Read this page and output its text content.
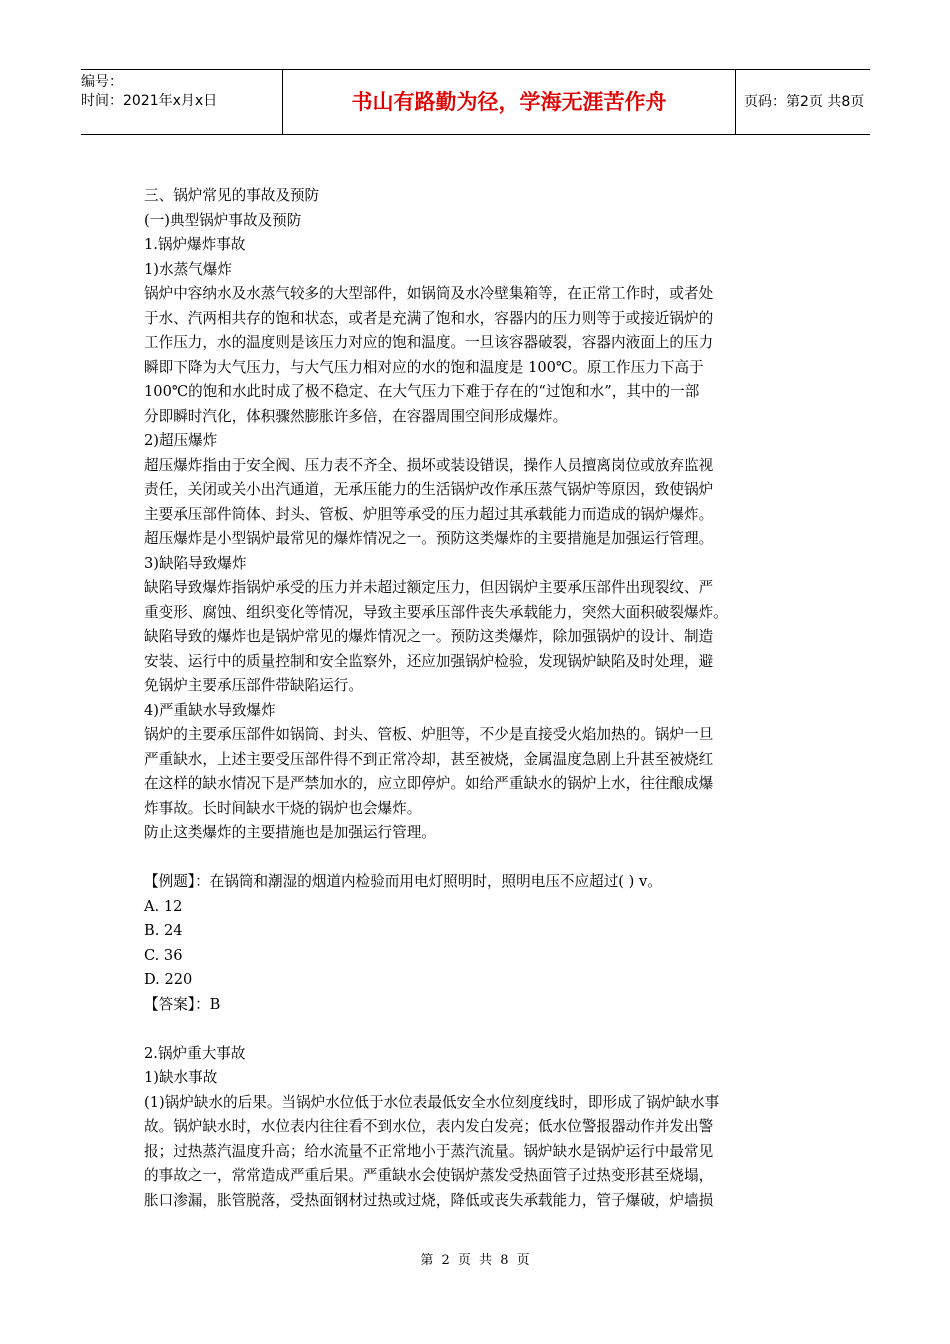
编号：
时间：2021年x月x日	书山有路勤为径，学海无涯苦作舟	页码：第2页 共8页

三、锅炉常见的事故及预防

(一)典型锅炉事故及预防

1.锅炉爆炸事故

1)水蒸气爆炸

锅炉中容纳水及水蒸气较多的大型部件，如锅筒及水冷壁集箱等，在正常工作时，或者处

于水、汽两相共存的饱和状态，或者是充满了饱和水，容器内的压力则等于或接近锅炉的

工作压力，水的温度则是该压力对应的饱和温度。一旦该容器破裂，容器内液面上的压力

瞬即下降为大气压力，与大气压力相对应的水的饱和温度是 100℃。原工作压力下高于

100℃的饱和水此时成了极不稳定、在大气压力下难于存在的“过饱和水”，其中的一部

分即瞬时汽化，体积骤然膨胀许多倍，在容器周围空间形成爆炸。

2)超压爆炸

超压爆炸指由于安全阀、压力表不齐全、损坏或装设错误，操作人员擅离岗位或放弃监视

责任，关闭或关小出汽通道，无承压能力的生活锅炉改作承压蒸气锅炉等原因，致使锅炉

主要承压部件筒体、封头、管板、炉胆等承受的压力超过其承载能力而造成的锅炉爆炸。

超压爆炸是小型锅炉最常见的爆炸情况之一。预防这类爆炸的主要措施是加强运行管理。

3)缺陷导致爆炸

缺陷导致爆炸指锅炉承受的压力并未超过额定压力，但因锅炉主要承压部件出现裂纹、严

重变形、腐蚀、组织变化等情况，导致主要承压部件丧失承载能力，突然大面积破裂爆炸。

缺陷导致的爆炸也是锅炉常见的爆炸情况之一。预防这类爆炸，除加强锅炉的设计、制造

安装、运行中的质量控制和安全监察外，还应加强锅炉检验，发现锅炉缺陷及时处理，避

免锅炉主要承压部件带缺陷运行。

4)严重缺水导致爆炸

锅炉的主要承压部件如锅筒、封头、管板、炉胆等，不少是直接受火焰加热的。锅炉一旦

严重缺水，上述主要受压部件得不到正常冷却，甚至被烧，金属温度急剧上升甚至被烧红

在这样的缺水情况下是严禁加水的，应立即停炉。如给严重缺水的锅炉上水，往往酿成爆

炸事故。长时间缺水干烧的锅炉也会爆炸。

防止这类爆炸的主要措施也是加强运行管理。

【例题】：在锅筒和潮湿的烟道内检验而用电灯照明时，照明电压不应超过( ) v。

A. 12

B. 24

C. 36

D. 220

【答案】：B

2.锅炉重大事故

1)缺水事故

(1)锅炉缺水的后果。当锅炉水位低于水位表最低安全水位刻度线时，即形成了锅炉缺水事

故。锅炉缺水时，水位表内往往看不到水位，表内发白发亮；低水位警报器动作并发出警

报；过热蒸汽温度升高；给水流量不正常地小于蒸汽流量。锅炉缺水是锅炉运行中最常见

的事故之一，常常造成严重后果。严重缺水会使锅炉蒸发受热面管子过热变形甚至烧塌，

胀口渗漏，胀管脱落，受热面钢材过热或过烧，降低或丧失承载能力，管子爆破，炉墙损

第 2 页 共 8 页
